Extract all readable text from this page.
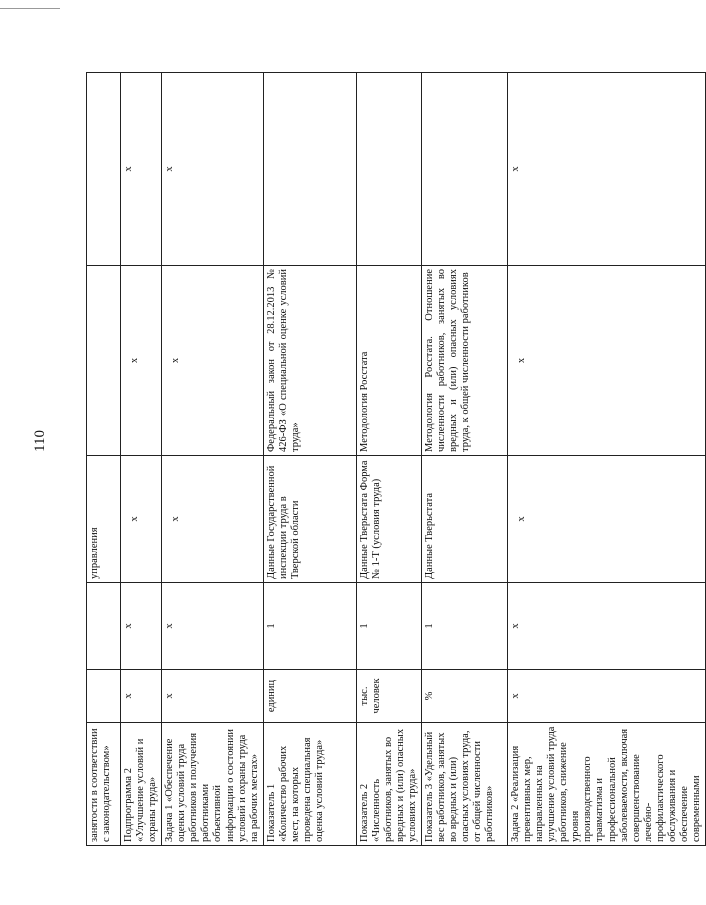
110
занятости в соответствии с законодательством»			управления		
Подпрограмма 2 «Улучшение условий и охраны труда»	х	х	х	х	х
Задача 1 «Обеспечение оценки условий труда работников и получения работниками объективной информации о состоянии условий и охраны труда на рабочих местах»	х	х	х	х	х
Показатель 1 «Количество рабочих мест, на которых проведена специальная оценка условий труда»	единиц	1	Данные Государственной инспекции труда в Тверской области	Федеральный закон от 28.12.2013 № 426-ФЗ «О специальной оценке условий труда»	
Показатель 2 «Численность работников, занятых во вредных и (или) опасных условиях труда»	тыс. человек	1	Данные Тверьстата Форма № 1-Т (условия труда)	Методология Росстата	
Показатель 3 «Удельный вес работников, занятых во вредных и (или) опасных условиях труда, от общей численности работников»	%	1	Данные Тверьстата	Методология Росстата. Отношение численности работников, занятых во вредных и (или) опасных условиях труда, к общей численности работников	
Задача 2 «Реализация превентивных мер, направленных на улучшение условий труда работников, снижение уровня производственного травматизма и профессиональной заболеваемости, включая совершенствование лечебно-профилактического обслуживания и обеспечение современными	х	х	х	х	х
